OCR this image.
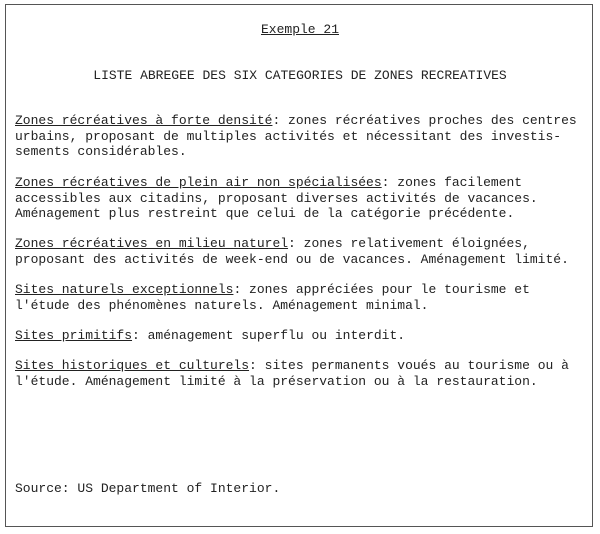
Exemple 21
LISTE ABREGEE DES SIX CATEGORIES DE ZONES RECREATIVES
Zones récréatives à forte densité: zones récréatives proches des centres
urbains, proposant de multiples activités et nécessitant des investis-
sements considérables.
Zones récréatives de plein air non spécialisées: zones facilement
accessibles aux citadins, proposant diverses activités de vacances.
Aménagement plus restreint que celui de la catégorie précédente.
Zones récréatives en milieu naturel: zones relativement éloignées,
proposant des activités de week-end ou de vacances. Aménagement limité.
Sites naturels exceptionnels: zones appréciées pour le tourisme et
l'étude des phénomènes naturels. Aménagement minimal.
Sites primitifs: aménagement superflu ou interdit.
Sites historiques et culturels: sites permanents voués au tourisme ou à
l'étude. Aménagement limité à la préservation ou à la restauration.
Source: US Department of Interior.
